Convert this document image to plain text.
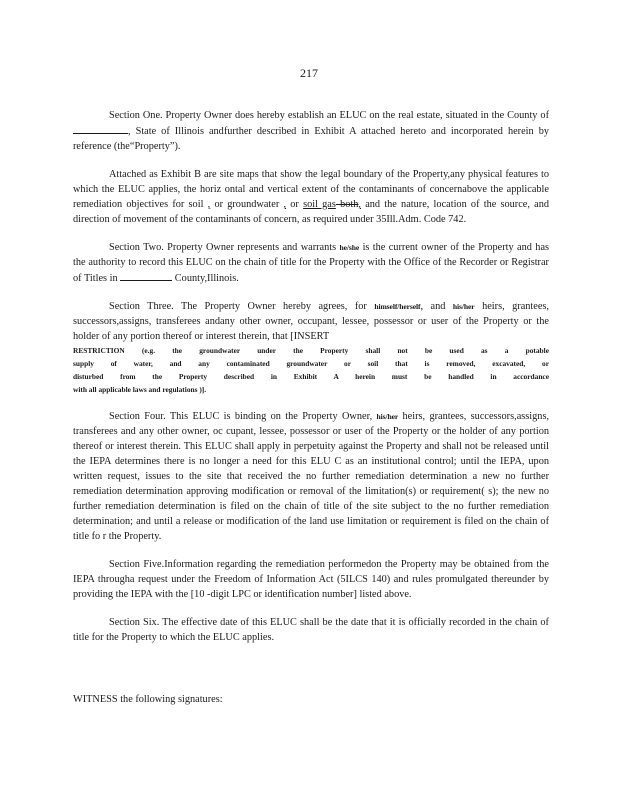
217

Section One. Property Owner does hereby establish an ELUC on the real estate, situated in the County of , State of Illinois andfurther described in Exhibit A attached hereto and incorporated herein by reference (the“Property”).

Attached as Exhibit B are site maps that show the legal boundary of the Property,any physical features to which the ELUC applies, the horiz ontal and vertical extent of the contaminants of concernabove the applicable remediation objectives for soil , or groundwater , or soil gas both, and the nature, location of the source, and direction of movement of the contaminants of concern, as required under 35Ill.Adm. Code 742.

Section Two. Property Owner represents and warrants he/she is the current owner of the Property and has the authority to record this ELUC on the chain of title for the Property with the Office of the Recorder or Registrar of Titles in	County,Illinois.

Section Three. The Property Owner hereby agrees, for himself/herself, and his/her heirs, grantees, successors,assigns, transferees andany other owner, occupant, lessee, possessor or user of the Property or the holder of any portion thereof or interest therein, that [INSERT
RESTRICTION (e.g. the groundwater under the Property shall not be used as a potable
supply of water, and any contaminated groundwater or soil that is removed, excavated, or
disturbed from the Property described in Exhibit A herein must be handled in accordance
with all applicable laws and regulations )].

Section Four. This ELUC is binding on the Property Owner, his/her heirs, grantees, successors,assigns, transferees and any other owner, oc cupant, lessee, possessor or user of the Property or the holder of any portion thereof or interest therein. This ELUC shall apply in perpetuity against the Property and shall not be released until the IEPA determines there is no longer a need for this ELU C as an institutional control; until the IEPA, upon written request, issues to the site that received the no further remediation determination a new no further remediation determination approving modification or removal of the limitation(s) or requirement( s); the new no further remediation determination is filed on the chain of title of the site subject to the no further remediation determination; and until a release or modification of the land use limitation or requirement is filed on the chain of title fo r the Property.

Section Five.Information regarding the remediation performedon the Property may be obtained from the IEPA througha request under the Freedom of Information Act (5ILCS 140) and rules promulgated thereunder by providing the IEPA with the [10 -digit LPC or identification number] listed above.

Section Six. The effective date of this ELUC shall be the date that it is officially recorded in the chain of title for the Property to which the ELUC applies.

WITNESS the following signatures:
